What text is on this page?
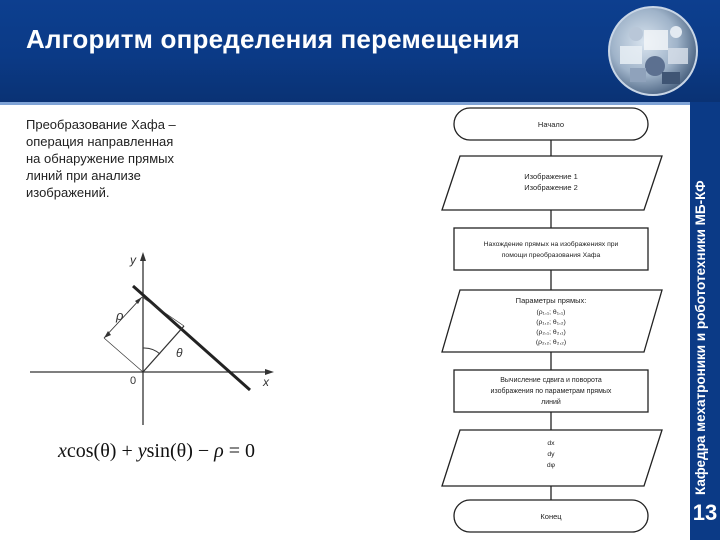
Алгоритм определения перемещения
Кафедра мехатроники и робототехники МБ-КФ
13
Преобразование Хафа –
операция направленная
на обнаружение прямых
линий при анализе
изображений.
y
x
0
ρ
θ
xcos(θ) + ysin(θ) − ρ = 0
Начало
Изображение 1
Изображение 2
Нахождение прямых на изображениях при
помощи преобразования Хафа
Параметры прямых:
(ρ₁,₁; θ₁,₁)
(ρ₁,₂; θ₁,₂)
(ρ₂,₁; θ₂,₁)
(ρ₂,₂; θ₂,₂)
Вычисление сдвига и поворота
изображения по параметрам прямых
линий
dx
dy
dφ
Конец
